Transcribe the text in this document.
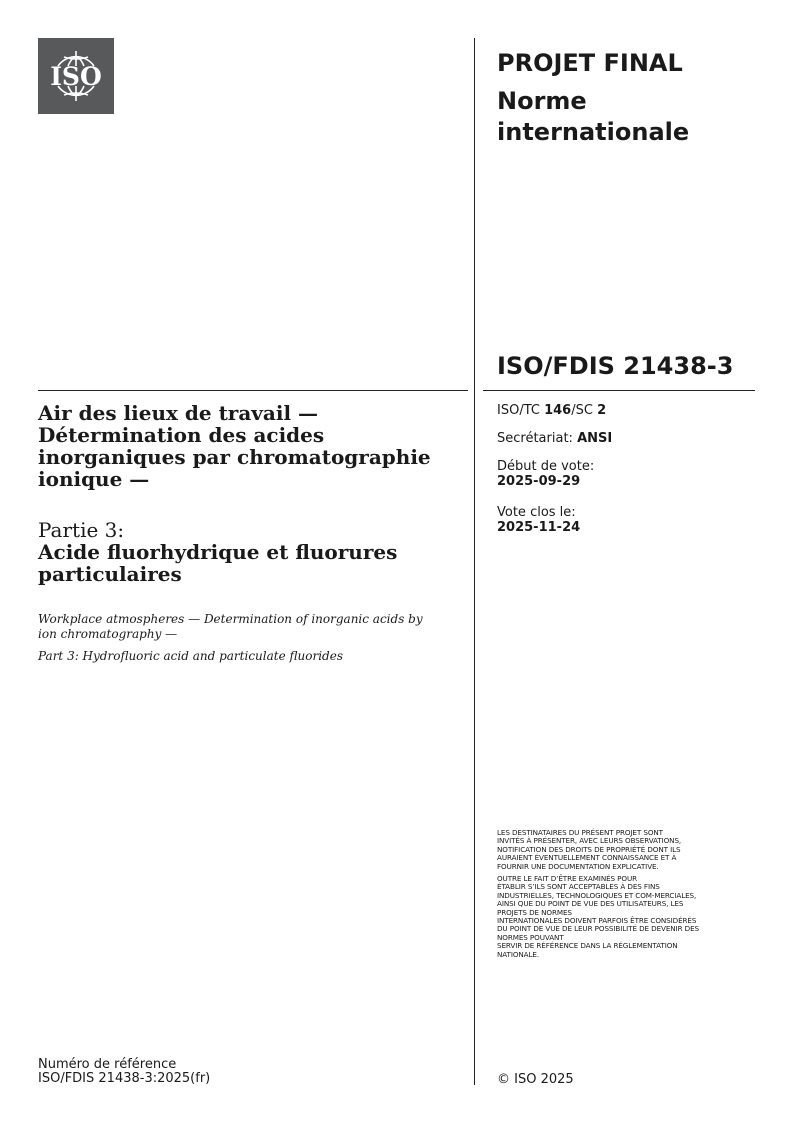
ISO	PROJET FINAL
Norme
internationale
ISO/FDIS 21438-3
ISO/TC 146/SC 2
Secrétariat: ANSI
Début de vote:
2025-09-29
Vote clos le:
2025-11-24
Air des lieux de travail — Détermination des acides inorganiques par chromatographie ionique —
Partie 3:
Acide fluorhydrique et fluorures particulaires
Workplace atmospheres — Determination of inorganic acids by ion chromatography —
Part 3: Hydrofluoric acid and particulate fluorides
LES DESTINATAIRES DU PRÉSENT PROJET SONT
INVITÉS À PRÉSENTER, AVEC LEURS OBSERVATIONS,
NOTIFICATION DES DROITS DE PROPRIÉTÉ DONT ILS
AURAIENT ÉVENTUELLEMENT CONNAISSANCE ET À
FOURNIR UNE DOCUMENTATION EXPLICATIVE.
OUTRE LE FAIT D’ÊTRE EXAMINÉS POUR
ÉTABLIR S’ILS SONT ACCEPTABLES À DES FINS
INDUSTRIELLES, TECHNOLOGIQUES ET COM-MERCIALES,
AINSI QUE DU POINT DE VUE DES UTILISATEURS, LES
PROJETS DE NORMES
INTERNATIONALES DOIVENT PARFOIS ÊTRE CONSIDÉRÉS
DU POINT DE VUE DE LEUR POSSIBILITÉ DE DEVENIR DES
NORMES POUVANT
SERVIR DE RÉFÉRENCE DANS LA RÉGLEMENTATION
NATIONALE.
Numéro de référence
ISO/FDIS 21438-3:2025(fr)	© ISO 2025
